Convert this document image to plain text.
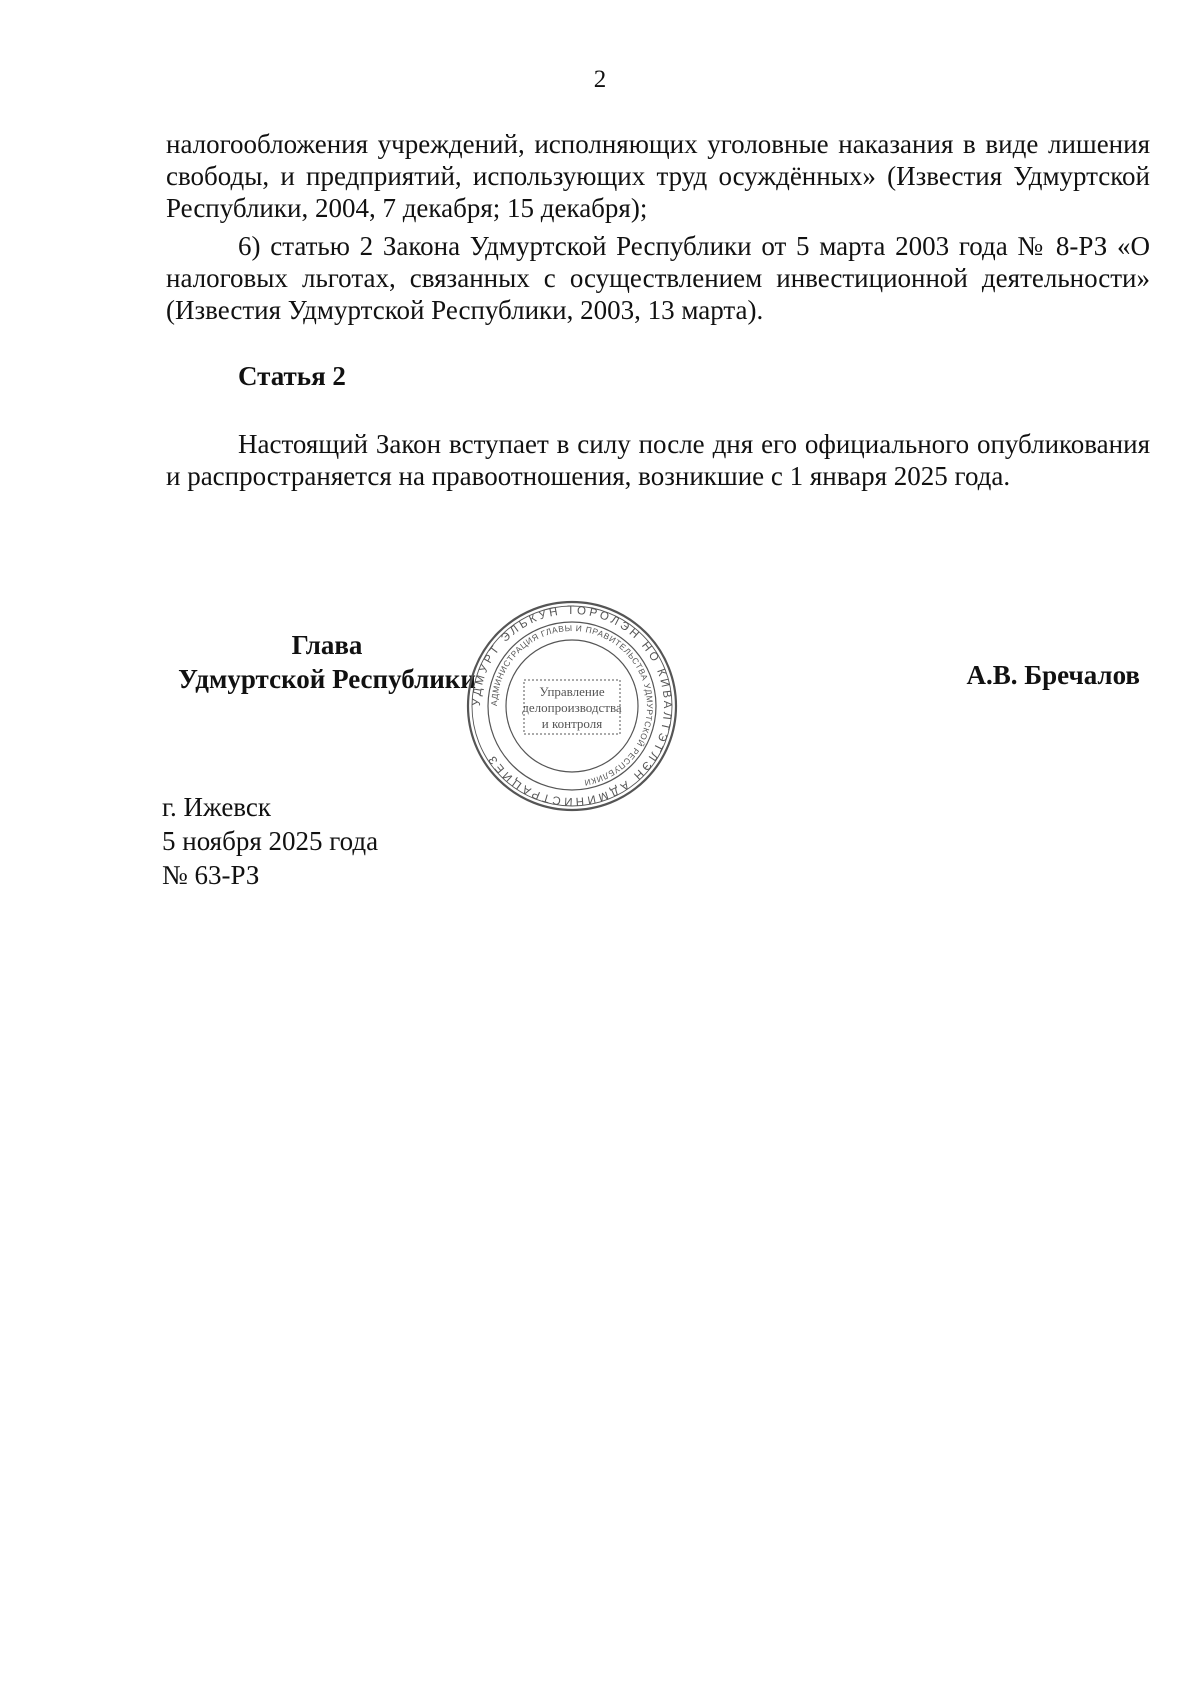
2

налогообложения учреждений, исполняющих уголовные наказания в виде лишения свободы, и предприятий, использующих труд осуждённых» (Известия Удмуртской Республики, 2004, 7 декабря; 15 декабря);

6) статью 2 Закона Удмуртской Республики от 5 марта 2003 года № 8-РЗ «О налоговых льготах, связанных с осуществлением инвестиционной деятельности» (Известия Удмуртской Республики, 2003, 13 марта).

Статья 2

Настоящий Закон вступает в силу после дня его официального опубликования и распространяется на правоотношения, возникшие с 1 января 2025 года.

Глава
Удмуртской Республики
УДМУРТ ЭЛЬКУН ТОРОЛЭН НО КИВАЛТЭТЛЭН АДМИНИСТРАЦИЕЗ
АДМИНИСТРАЦИЯ ГЛАВЫ И ПРАВИТЕЛЬСТВА УДМУРТСКОЙ РЕСПУБЛИКИ
Управление
делопроизводства
и контроля
А.В. Бречалов
г. Ижевск
5 ноября 2025 года
№ 63-РЗ
